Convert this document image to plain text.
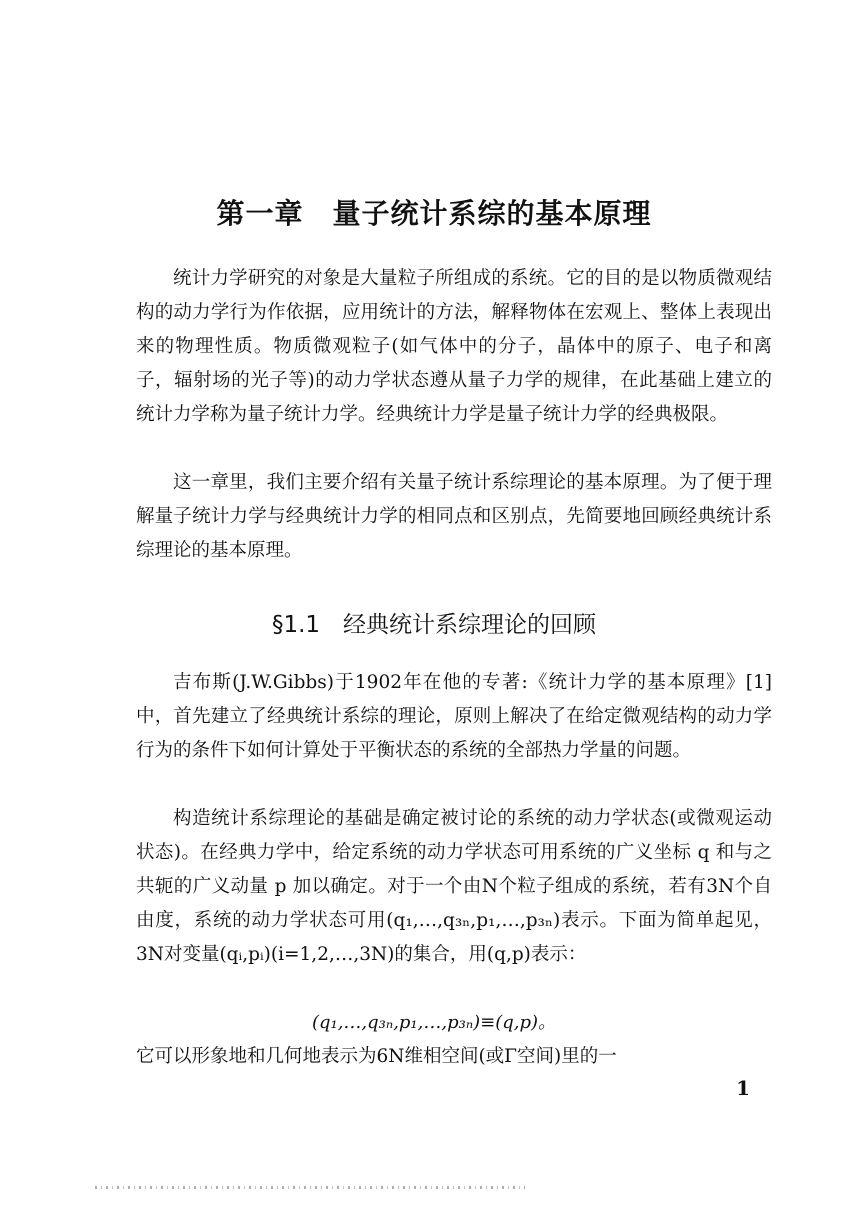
第一章　量子统计系综的基本原理

统计力学研究的对象是大量粒子所组成的系统。它的目的是以物质微观结构的动力学行为作依据，应用统计的方法，解释物体在宏观上、整体上表现出来的物理性质。物质微观粒子(如气体中的分子，晶体中的原子、电子和离子，辐射场的光子等)的动力学状态遵从量子力学的规律，在此基础上建立的统计力学称为量子统计力学。经典统计力学是量子统计力学的经典极限。

这一章里，我们主要介绍有关量子统计系综理论的基本原理。为了便于理解量子统计力学与经典统计力学的相同点和区别点，先简要地回顾经典统计系综理论的基本原理。

§1.1　经典统计系综理论的回顾

吉布斯(J.W.Gibbs)于1902年在他的专著:《统计力学的基本原理》[1]中，首先建立了经典统计系综的理论，原则上解决了在给定微观结构的动力学行为的条件下如何计算处于平衡状态的系统的全部热力学量的问题。

构造统计系综理论的基础是确定被讨论的系统的动力学状态(或微观运动状态)。在经典力学中，给定系统的动力学状态可用系统的广义坐标 q 和与之共轭的广义动量 p 加以确定。对于一个由N个粒子组成的系统，若有3N个自由度，系统的动力学状态可用(q₁,…,q₃ₙ,p₁,…,p₃ₙ)表示。下面为简单起见，3N对变量(qᵢ,pᵢ)(i=1,2,…,3N)的集合，用(q,p)表示：

(q₁,…,q₃ₙ,p₁,…,p₃ₙ)≡(q,p)。

它可以形象地和几何地表示为6N维相空间(或Γ空间)里的一

1
